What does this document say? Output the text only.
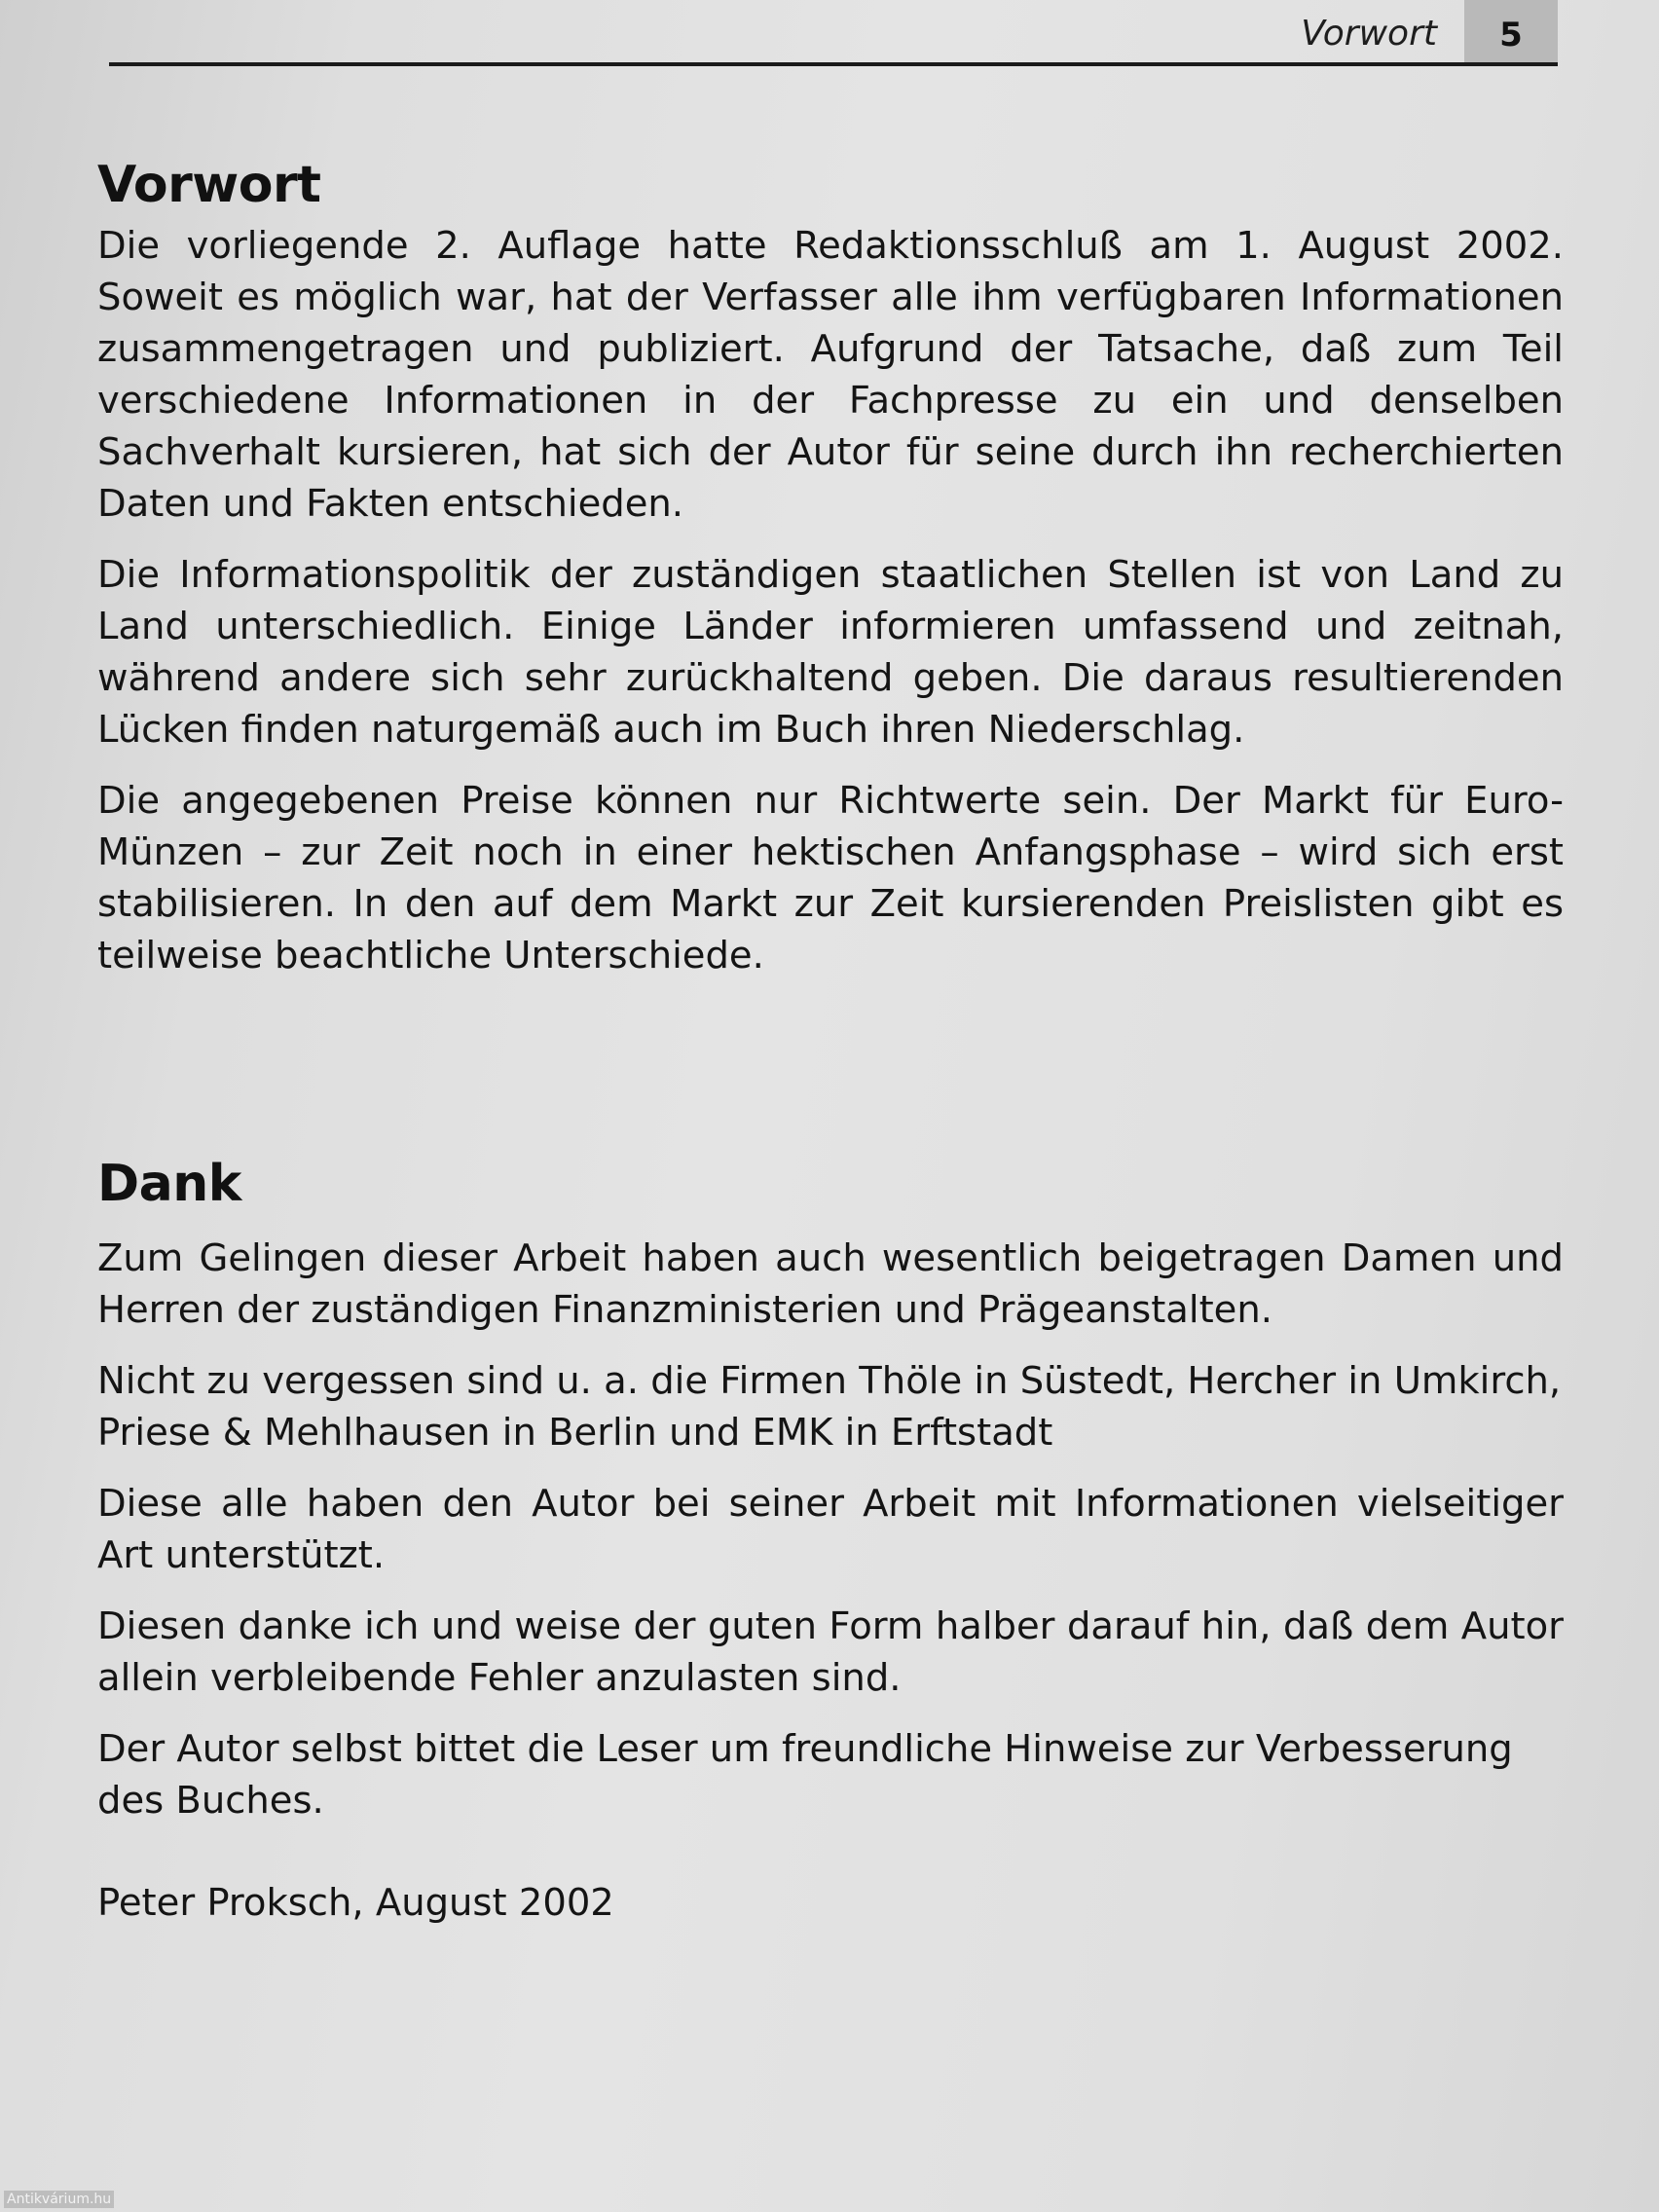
Vorwort	5
Vorwort

Die vorliegende 2. Auflage hatte Redaktionsschluß am 1. August 2002. Soweit es möglich war, hat der Verfasser alle ihm verfügbaren Informationen zusammengetragen und publiziert. Aufgrund der Tatsache, daß zum Teil verschiedene Informationen in der Fachpresse zu ein und denselben Sachverhalt kursieren, hat sich der Autor für seine durch ihn recherchierten Daten und Fakten entschieden.

Die Informationspolitik der zuständigen staatlichen Stellen ist von Land zu Land unterschiedlich. Einige Länder informieren umfassend und zeitnah, während andere sich sehr zurückhaltend geben. Die daraus resultierenden Lücken finden naturgemäß auch im Buch ihren Niederschlag.

Die angegebenen Preise können nur Richtwerte sein. Der Markt für Euro-Münzen – zur Zeit noch in einer hektischen Anfangsphase – wird sich erst stabilisieren. In den auf dem Markt zur Zeit kursierenden Preislisten gibt es teilweise beachtliche Unterschiede.

Dank

Zum Gelingen dieser Arbeit haben auch wesentlich beigetragen Damen und Herren der zuständigen Finanzministerien und Prägeanstalten.

Nicht zu vergessen sind u. a. die Firmen Thöle in Süstedt, Hercher in Umkirch, Priese & Mehlhausen in Berlin und EMK in Erftstadt

Diese alle haben den Autor bei seiner Arbeit mit Informationen vielseitiger Art unterstützt.

Diesen danke ich und weise der guten Form halber darauf hin, daß dem Autor allein verbleibende Fehler anzulasten sind.

Der Autor selbst bittet die Leser um freundliche Hinweise zur Verbesserung des Buches.

Peter Proksch, August 2002
Antikvárium.hu
